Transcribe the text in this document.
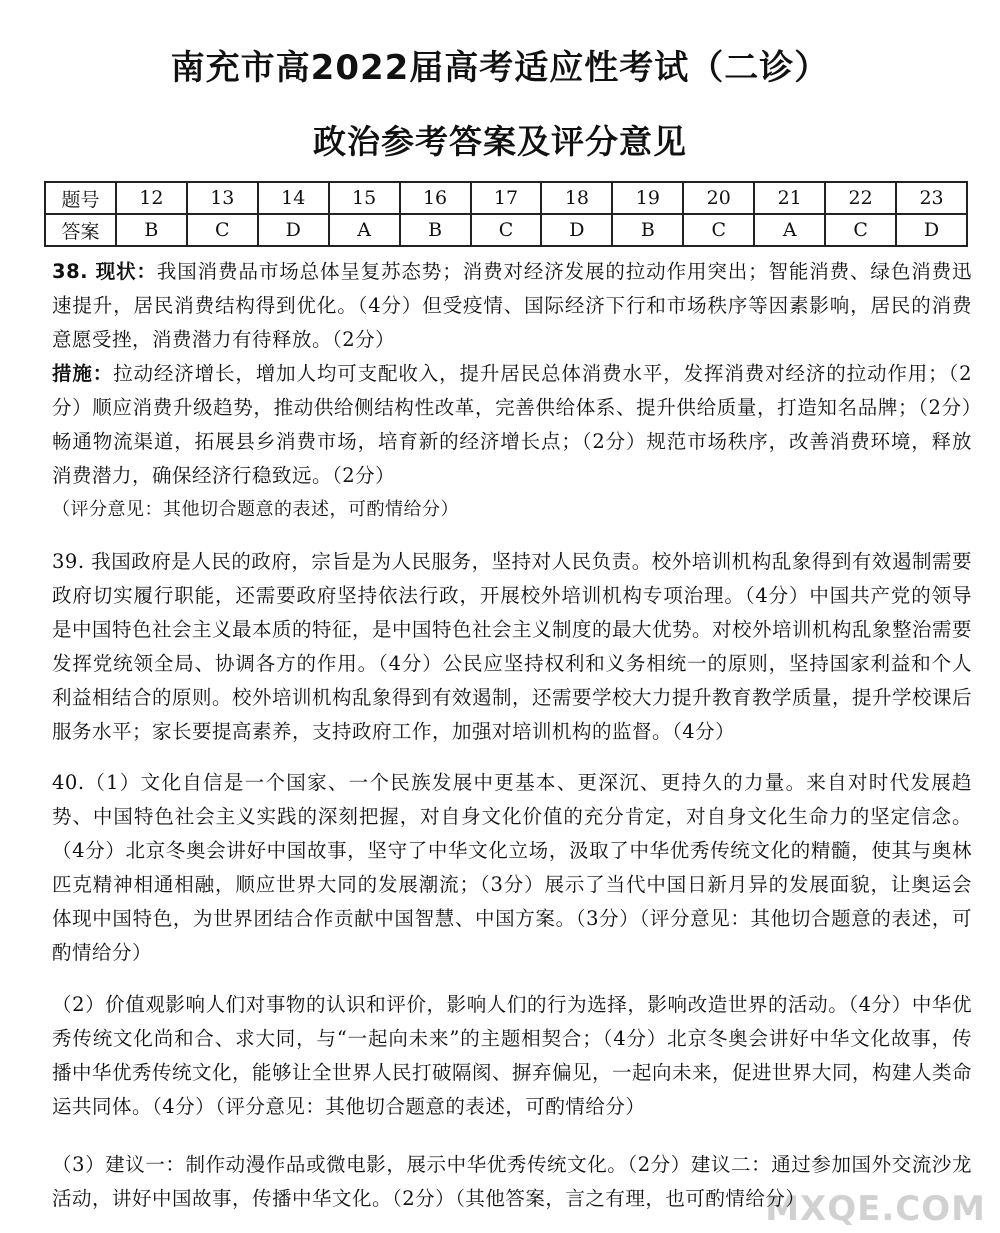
南充市高2022届高考适应性考试（二诊）
政治参考答案及评分意见
题号	12	13	14	15	16	17	18	19	20	21	22	23
答案	B	C	D	A	B	C	D	B	C	A	C	D

38. 现状：我国消费品市场总体呈复苏态势；消费对经济发展的拉动作用突出；智能消费、绿色消费迅速提升，居民消费结构得到优化。（4分）但受疫情、国际经济下行和市场秩序等因素影响，居民的消费意愿受挫，消费潜力有待释放。（2分）

措施：拉动经济增长，增加人均可支配收入，提升居民总体消费水平，发挥消费对经济的拉动作用；（2分）顺应消费升级趋势，推动供给侧结构性改革，完善供给体系、提升供给质量，打造知名品牌；（2分）畅通物流渠道，拓展县乡消费市场，培育新的经济增长点；（2分）规范市场秩序，改善消费环境，释放消费潜力，确保经济行稳致远。（2分）

（评分意见：其他切合题意的表述，可酌情给分）

39. 我国政府是人民的政府，宗旨是为人民服务，坚持对人民负责。校外培训机构乱象得到有效遏制需要政府切实履行职能，还需要政府坚持依法行政，开展校外培训机构专项治理。（4分）中国共产党的领导是中国特色社会主义最本质的特征，是中国特色社会主义制度的最大优势。对校外培训机构乱象整治需要发挥党统领全局、协调各方的作用。（4分）公民应坚持权利和义务相统一的原则，坚持国家利益和个人利益相结合的原则。校外培训机构乱象得到有效遏制，还需要学校大力提升教育教学质量，提升学校课后服务水平；家长要提高素养，支持政府工作，加强对培训机构的监督。（4分）

40.（1）文化自信是一个国家、一个民族发展中更基本、更深沉、更持久的力量。来自对时代发展趋势、中国特色社会主义实践的深刻把握，对自身文化价值的充分肯定，对自身文化生命力的坚定信念。（4分）北京冬奥会讲好中国故事，坚守了中华文化立场，汲取了中华优秀传统文化的精髓，使其与奥林匹克精神相通相融，顺应世界大同的发展潮流；（3分）展示了当代中国日新月异的发展面貌，让奥运会体现中国特色，为世界团结合作贡献中国智慧、中国方案。（3分）（评分意见：其他切合题意的表述，可酌情给分）

（2）价值观影响人们对事物的认识和评价，影响人们的行为选择，影响改造世界的活动。（4分）中华优秀传统文化尚和合、求大同，与“一起向未来”的主题相契合；（4分）北京冬奥会讲好中华文化故事，传播中华优秀传统文化，能够让全世界人民打破隔阂、摒弃偏见，一起向未来，促进世界大同，构建人类命运共同体。（4分）（评分意见：其他切合题意的表述，可酌情给分）

（3）建议一：制作动漫作品或微电影，展示中华优秀传统文化。（2分）建议二：通过参加国外交流沙龙活动，讲好中国故事，传播中华文化。（2分）（其他答案，言之有理，也可酌情给分）

MXQE.COM
